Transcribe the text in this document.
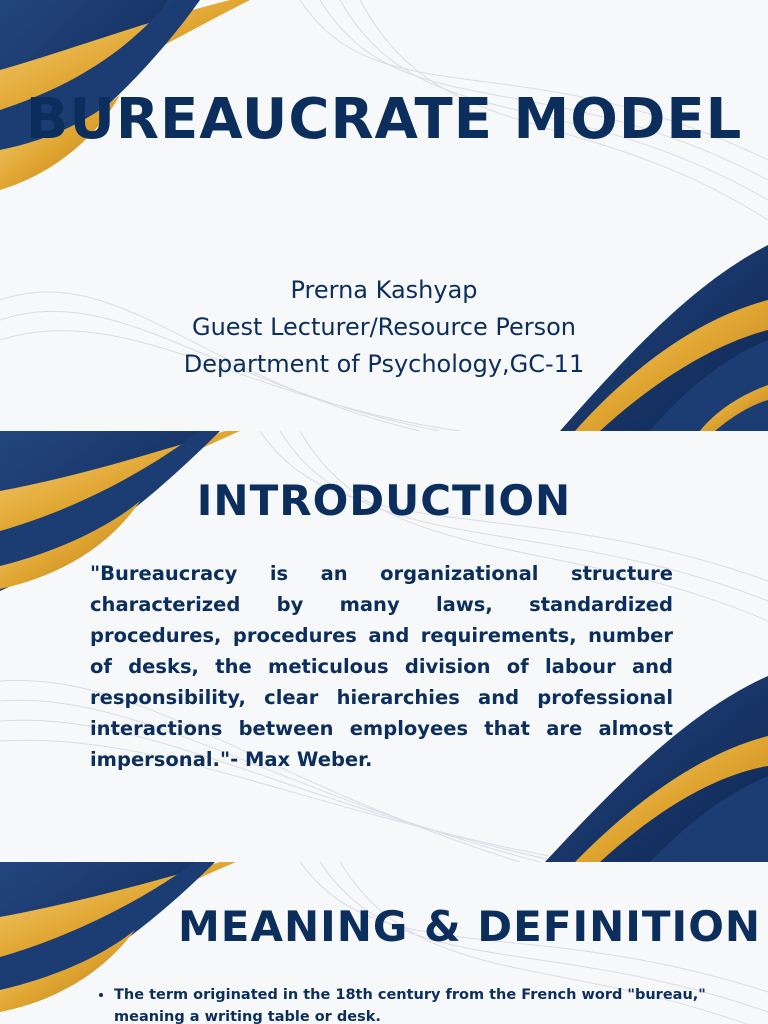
BUREAUCRATE MODEL
Prerna Kashyap
Guest Lecturer/Resource Person
Department of Psychology,GC-11
INTRODUCTION
"Bureaucracy is an organizational structure characterized by many laws, standardized procedures, procedures and requirements, number of desks, the meticulous division of labour and responsibility, clear hierarchies and professional interactions between employees that are almost impersonal."- Max Weber.
MEANING & DEFINITION
• The term originated in the 18th century from the French word "bureau," meaning a writing table or desk.
